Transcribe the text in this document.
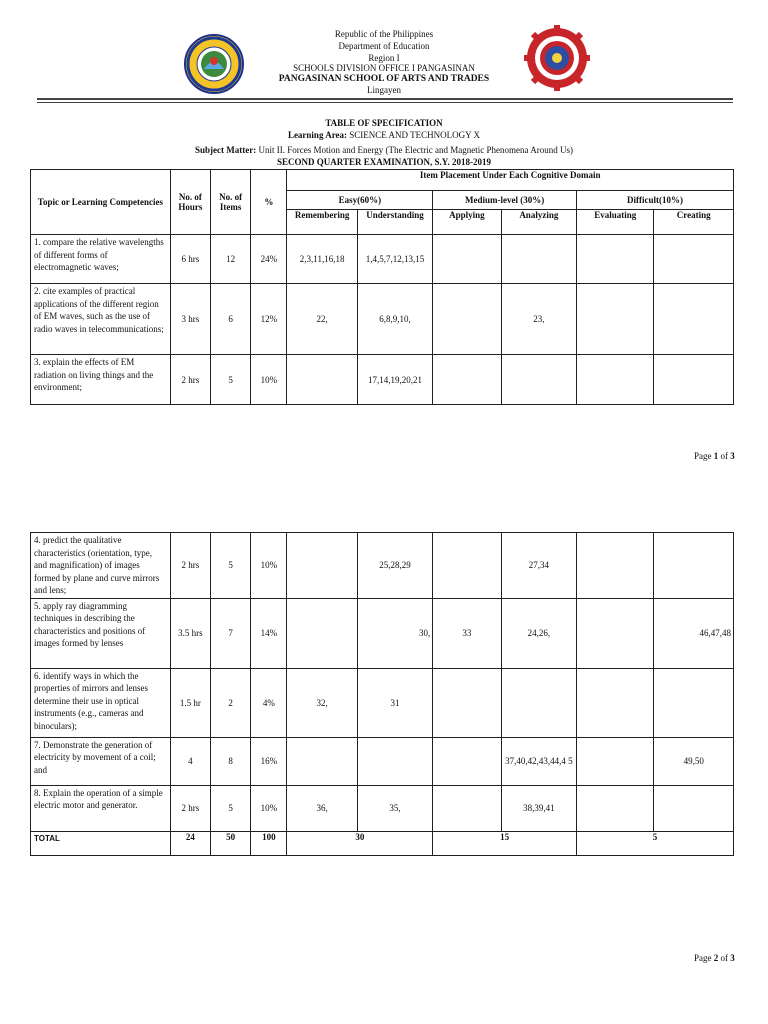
Republic of the Philippines
Department of Education
Region I
SCHOOLS DIVISION OFFICE I PANGASINAN
PANGASINAN SCHOOL OF ARTS AND TRADES
Lingayen
TABLE OF SPECIFICATION
Learning Area: SCIENCE AND TECHNOLOGY X
Subject Matter: Unit II. Forces Motion and Energy (The Electric and Magnetic Phenomena Around Us)
SECOND QUARTER EXAMINATION, S.Y. 2018-2019
Topic or Learning Competencies	No. of Hours	No. of Items	%	Item Placement Under Each Cognitive Domain					
				Easy(60%)		Medium-level (30%)		Difficult(10%)	
				Remembering	Understanding	Applying	Analyzing	Evaluating	Creating
1. compare the relative wavelengths of different forms of electromagnetic waves;	6 hrs	12	24%	2,3,11,16,18	1,4,5,7,12,13,15				
2. cite examples of practical applications of the different region of EM waves, such as the use of radio waves in telecommunications;	3 hrs	6	12%	22,	6,8,9,10,		23,		
3. explain the effects of EM radiation on living things and the environment;	2 hrs	5	10%		17,14,19,20,21				
Page 1 of 3
4. predict the qualitative characteristics (orientation, type, and magnification) of images formed by plane and curve mirrors and lens;	2 hrs	5	10%		25,28,29		27,34		
5. apply ray diagramming techniques in describing the characteristics and positions of images formed by lenses	3.5 hrs	7	14%		30,	33	24,26,		46,47,48
6. identify ways in which the properties of mirrors and lenses determine their use in optical instruments (e.g., cameras and binoculars);	1.5 hr	2	4%	32,	31				
7. Demonstrate the generation of electricity by movement of a coil; and	4	8	16%				37,40,42,43,44,4 5		49,50
8. Explain the operation of a simple electric motor and generator.	2 hrs	5	10%	36,	35,		38,39,41		
TOTAL	24	50	100	30		15		5	
Page 2 of 3
